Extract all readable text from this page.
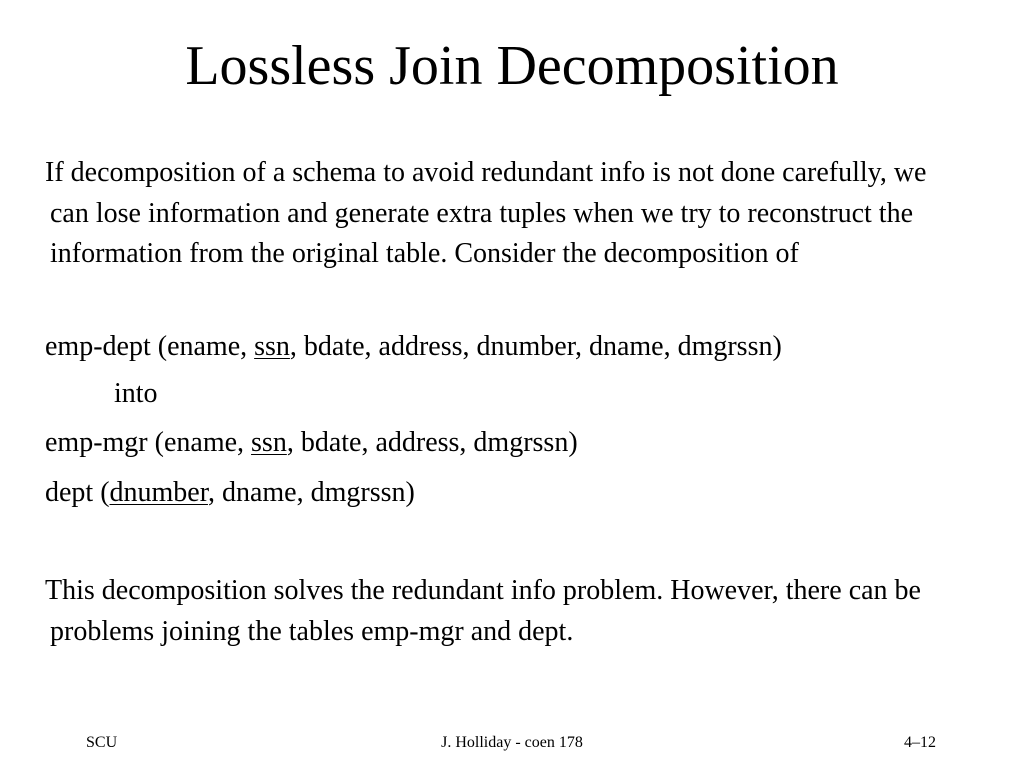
Lossless Join Decomposition

If decomposition of a schema to avoid redundant info is not done carefully, we can lose information and generate extra tuples when we try to reconstruct the information from the original table. Consider the decomposition of

emp-dept (ename, ssn, bdate, address, dnumber, dname, dmgrssn)

into

emp-mgr (ename, ssn, bdate, address, dmgrssn)

dept (dnumber, dname, dmgrssn)

This decomposition solves the redundant info problem. However, there can be problems joining the tables emp-mgr and dept.

SCU	J. Holliday - coen 178	4–12
